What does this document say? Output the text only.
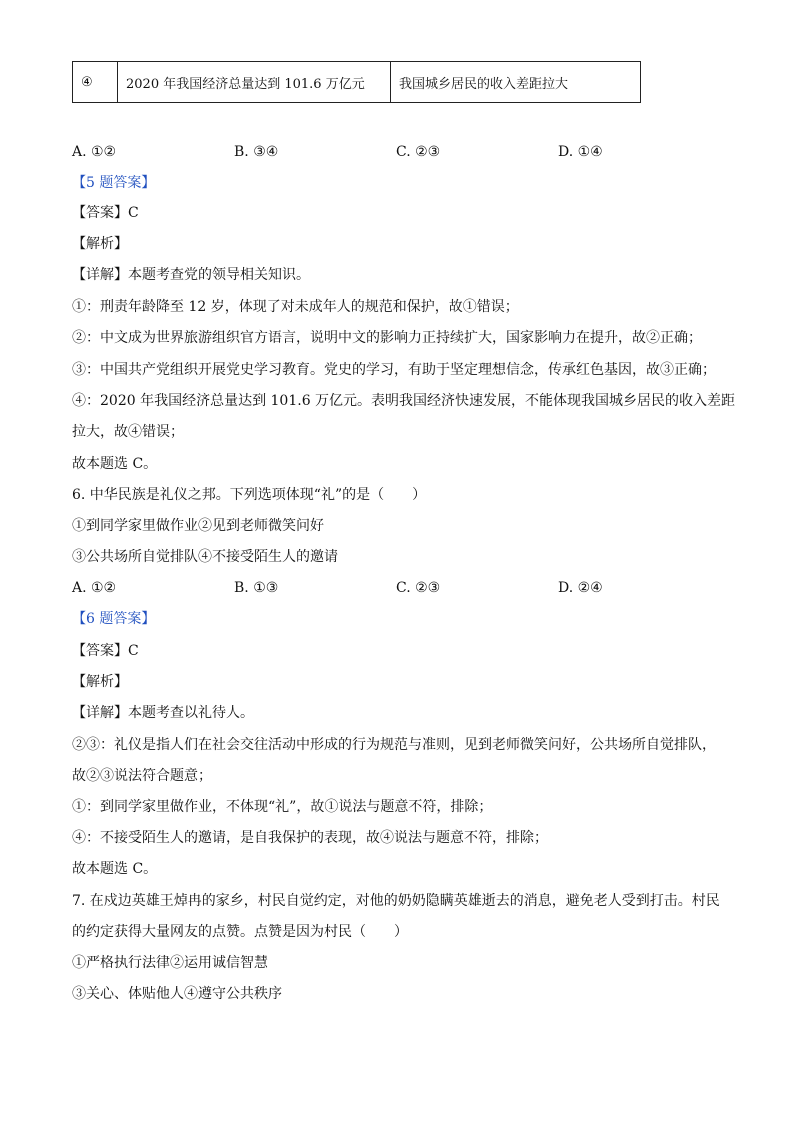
④	2020 年我国经济总量达到 101.6 万亿元	我国城乡居民的收入差距拉大
A. ①②	B. ③④	C. ②③	D. ①④
【5 题答案】
【答案】C
【解析】
【详解】本题考查党的领导相关知识。
①：刑责年龄降至 12 岁，体现了对未成年人的规范和保护，故①错误；
②：中文成为世界旅游组织官方语言，说明中文的影响力正持续扩大，国家影响力在提升，故②正确；
③：中国共产党组织开展党史学习教育。党史的学习，有助于坚定理想信念，传承红色基因，故③正确；
④：2020 年我国经济总量达到 101.6 万亿元。表明我国经济快速发展，不能体现我国城乡居民的收入差距
拉大，故④错误；
故本题选 C。
6. 中华民族是礼仪之邦。下列选项体现“礼”的是（　　）
①到同学家里做作业②见到老师微笑问好
③公共场所自觉排队④不接受陌生人的邀请
A. ①②	B. ①③	C. ②③	D. ②④
【6 题答案】
【答案】C
【解析】
【详解】本题考查以礼待人。
②③：礼仪是指人们在社会交往活动中形成的行为规范与准则，见到老师微笑问好，公共场所自觉排队，
故②③说法符合题意；
①：到同学家里做作业，不体现“礼”，故①说法与题意不符，排除；
④：不接受陌生人的邀请，是自我保护的表现，故④说法与题意不符，排除；
故本题选 C。
7. 在戍边英雄王焯冉的家乡，村民自觉约定，对他的奶奶隐瞒英雄逝去的消息，避免老人受到打击。村民
的约定获得大量网友的点赞。点赞是因为村民（　　）
①严格执行法律②运用诚信智慧
③关心、体贴他人④遵守公共秩序
